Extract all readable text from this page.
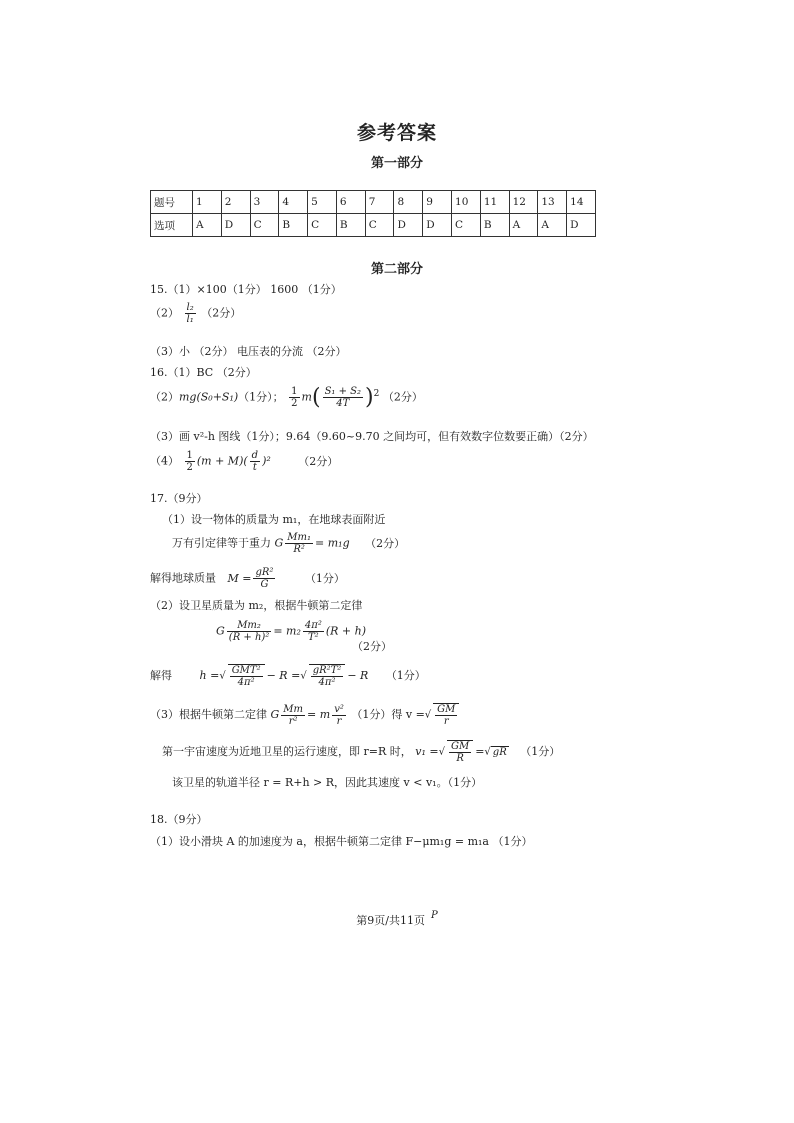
参考答案
第一部分
题号	1	2	3	4	5	6	7	8	9	10	11	12	13	14
选项	A	D	C	B	C	B	C	D	D	C	B	A	A	D
第二部分
15.（1）×100（1分） 1600 （1分）
$(2) \frac{\text{l₂}}{\text{l₁}} (2$分）
（3）小 （2分） 电压表的分流 （2分）
16.（1）BC （2分）
（2）mg(S₀+S₁)（1分）； $\frac{1}{2} m( \frac{\text{S₁ + S₂}}{4T} )^2$ （2分）
（3）画 v²-h 图线（1分）；9.64（9.60~9.70 之间均可，但有效数字位数要正确）（2分）
$(4) \frac{1}{2} (m + M)( \frac{d}{t} )^2$	（2分）
17.（9分）
（1）设一物体的质量为 m₁，在地球表面附近
万有引定律等于重力 G $\frac{\text{Mm₁}}{\text{R²}} = m_1g$ （2分）
解得地球质量 $M = \frac{\text{gR²}}{G}$	（1分）
（2）设卫星质量为 m₂，根据牛顿第二定律
G $\frac{\text{Mm₂}}{\text{(R + h)²}} = m_2 \frac{\text{4π²}}{\text{T²}} (R + h)$
（2分）
解得	h =√ $\frac{\text{GMT²}}{\text{4π²}} - R$ =√ $\frac{\text{gR²T²}}{\text{4π²}} - R$ （1分）
（3）根据牛顿第二定律 G $\frac{Mm}{\text{r²}} = m \frac{\text{v²}}{r} (1$分）得 v =√ $\frac{GM}{r}$
第一宇宙速度为近地卫星的运行速度，即 r=R 时， v₁ =√ $\frac{GM}{R}$ =√ gR （1分）
该卫星的轨道半径 r = R+h > R，因此其速度 v < v₁。（1分）
18.（9分）
（1）设小滑块 A 的加速度为 a，根据牛顿第二定律 F−μm₁g = m₁a （1分）
第9页/共11页 P
